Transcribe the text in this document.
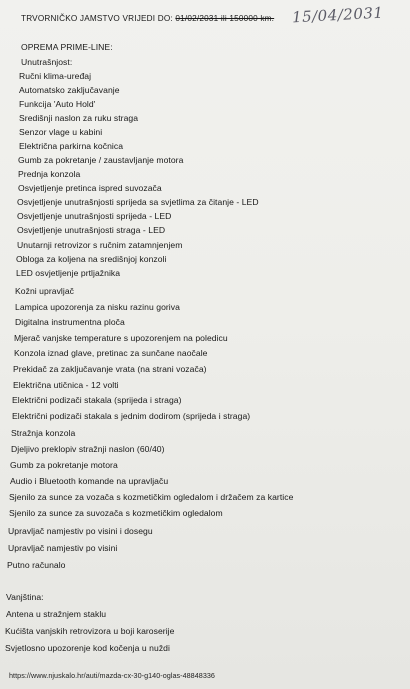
TRVORNIČKO JAMSTVO VRIJEDI DO: 01/02/2031 ili 150000 km. 15/04/2031
OPREMA PRIME-LINE:
Unutrašnjost:
Ručni klima-uređaj
Automatsko zaključavanje
Funkcija 'Auto Hold'
Središnji naslon za ruku straga
Senzor vlage u kabini
Električna parkirna kočnica
Gumb za pokretanje / zaustavljanje motora
Prednja konzola
Osvjetljenje pretinca ispred suvozača
Osvjetljenje unutrašnjosti sprijeda sa svjetlima za čitanje - LED
Osvjetljenje unutrašnjosti sprijeda - LED
Osvjetljenje unutrašnjosti straga - LED
Unutarnji retrovizor s ručnim zatamnjenjem
Obloga za koljena na središnjoj konzoli
LED osvjetljenje prtljažnika
Kožni upravljač
Lampica upozorenja za nisku razinu goriva
Digitalna instrumentna ploča
Mjerač vanjske temperature s upozorenjem na poledicu
Konzola iznad glave, pretinac za sunčane naočale
Prekidač za zaključavanje vrata (na strani vozača)
Električna utičnica - 12 volti
Električni podizači stakala (sprijeda i straga)
Električni podizači stakala s jednim dodirom (sprijeda i straga)
Stražnja konzola
Djeljivo preklopiv stražnji naslon (60/40)
Gumb za pokretanje motora
Audio i Bluetooth komande na upravljaču
Sjenilo za sunce za vozača s kozmetičkim ogledalom i držačem za kartice
Sjenilo za sunce za suvozača s kozmetičkim ogledalom
Upravljač namjestiv po visini i dosegu
Upravljač namjestiv po visini
Putno računalo
Vanjština:
Antena u stražnjem staklu
Kućišta vanjskih retrovizora u boji karoserije
Svjetlosno upozorenje kod kočenja u nuždi
https://www.njuskalo.hr/auti/mazda-cx-30-g140-oglas-48848336
